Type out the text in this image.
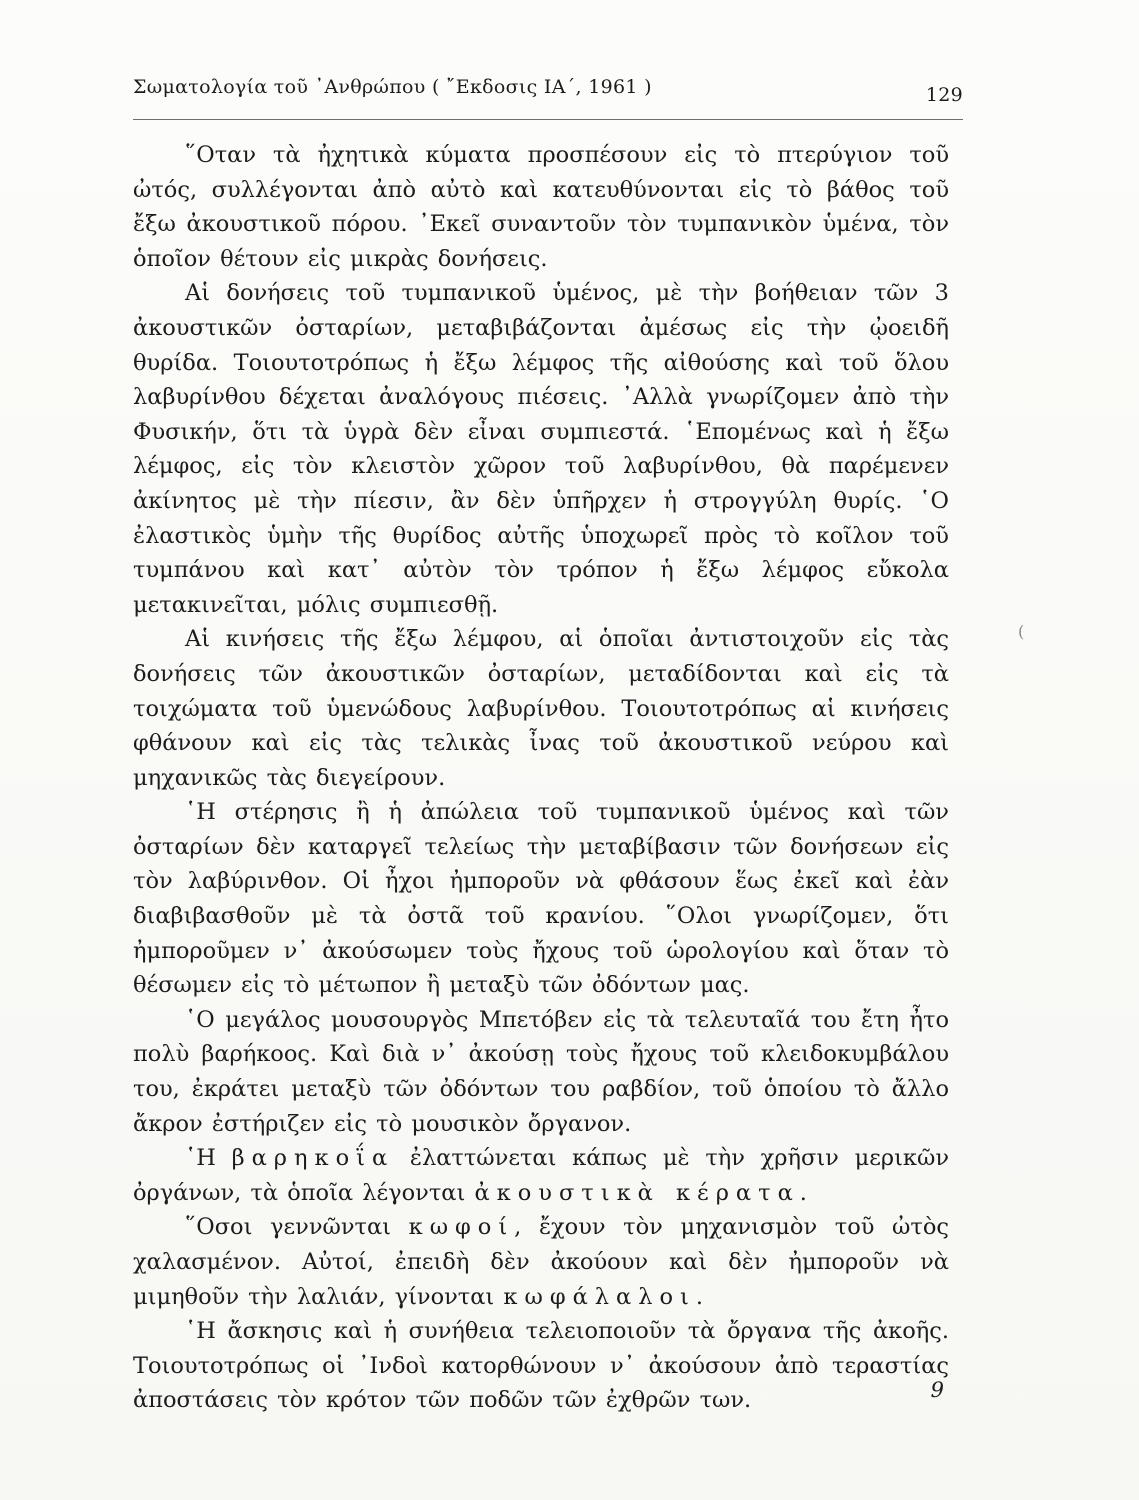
Σωματολογία τοῦ ᾿Ανθρώπου ( ῎Εκδοσις ΙΑ΄, 1961 )	129

῞Οταν τὰ ἠχητικὰ κύματα προσπέσουν εἰς τὸ πτερύγιον τοῦ ὠτός, συλλέγονται ἀπὸ αὐτὸ καὶ κατευθύνονται εἰς τὸ βάθος τοῦ ἔξω ἀκουστικοῦ πόρου. ᾿Εκεῖ συναντοῦν τὸν τυμπανικὸν ὑμένα, τὸν ὁποῖον θέτουν εἰς μικρὰς δονήσεις.

Αἱ δονήσεις τοῦ τυμπανικοῦ ὑμένος, μὲ τὴν βοήθειαν τῶν 3 ἀκουστικῶν ὀσταρίων, μεταβιβάζονται ἀμέσως εἰς τὴν ᾠοειδῆ θυρίδα. Τοιουτοτρόπως ἡ ἔξω λέμφος τῆς αἰθούσης καὶ τοῦ ὅλου λαβυρίνθου δέχεται ἀναλόγους πιέσεις. ᾿Αλλὰ γνωρίζομεν ἀπὸ τὴν Φυσικήν, ὅτι τὰ ὑγρὰ δὲν εἶναι συμπιεστά. ῾Επομένως καὶ ἡ ἔξω λέμφος, εἰς τὸν κλειστὸν χῶρον τοῦ λαβυρίνθου, θὰ παρέμενεν ἀκίνητος μὲ τὴν πίεσιν, ἂν δὲν ὑπῆρχεν ἡ στρογγύλη θυρίς. ῾Ο ἐλαστικὸς ὑμὴν τῆς θυρίδος αὐτῆς ὑποχωρεῖ πρὸς τὸ κοῖλον τοῦ τυμπάνου καὶ κατ᾿ αὐτὸν τὸν τρόπον ἡ ἔξω λέμφος εὔκολα μετακινεῖται, μόλις συμπιεσθῇ.

Αἱ κινήσεις τῆς ἔξω λέμφου, αἱ ὁποῖαι ἀντιστοιχοῦν εἰς τὰς δονήσεις τῶν ἀκουστικῶν ὀσταρίων, μεταδίδονται καὶ εἰς τὰ τοιχώματα τοῦ ὑμενώδους λαβυρίνθου. Τοιουτοτρόπως αἱ κινήσεις φθάνουν καὶ εἰς τὰς τελικὰς ἶνας τοῦ ἀκουστικοῦ νεύρου καὶ μηχανικῶς τὰς διεγείρουν.

῾Η στέρησις ἢ ἡ ἀπώλεια τοῦ τυμπανικοῦ ὑμένος καὶ τῶν ὀσταρίων δὲν καταργεῖ τελείως τὴν μεταβίβασιν τῶν δονήσεων εἰς τὸν λαβύρινθον. Οἱ ἦχοι ἠμποροῦν νὰ φθάσουν ἕως ἐκεῖ καὶ ἐὰν διαβιβασθοῦν μὲ τὰ ὀστᾶ τοῦ κρανίου. ῞Ολοι γνωρίζομεν, ὅτι ἠμποροῦμεν ν᾿ ἀκούσωμεν τοὺς ἤχους τοῦ ὡρολογίου καὶ ὅταν τὸ θέσωμεν εἰς τὸ μέτωπον ἢ μεταξὺ τῶν ὀδόντων μας.

῾Ο μεγάλος μουσουργὸς Μπετόβεν εἰς τὰ τελευταῖά του ἔτη ἦτο πολὺ βαρήκοος. Καὶ διὰ ν᾿ ἀκούσῃ τοὺς ἤχους τοῦ κλειδοκυμβάλου του, ἐκράτει μεταξὺ τῶν ὀδόντων του ραβδίον, τοῦ ὁποίου τὸ ἄλλο ἄκρον ἐστήριζεν εἰς τὸ μουσικὸν ὄργανον.

῾Η βαρηκοΐα ἐλαττώνεται κάπως μὲ τὴν χρῆσιν μερικῶν ὀργάνων, τὰ ὁποῖα λέγονται ἀκουστικὰ κέρατα.

῞Οσοι γεννῶνται κωφοί, ἔχουν τὸν μηχανισμὸν τοῦ ὠτὸς χαλασμένον. Αὐτοί, ἐπειδὴ δὲν ἀκούουν καὶ δὲν ἠμποροῦν νὰ μιμηθοῦν τὴν λαλιάν, γίνονται κωφάλαλοι.

῾Η ἄσκησις καὶ ἡ συνήθεια τελειοποιοῦν τὰ ὄργανα τῆς ἀκοῆς. Τοιουτοτρόπως οἱ ᾿Ινδοὶ κατορθώνουν ν᾿ ἀκούσουν ἀπὸ τεραστίας ἀποστάσεις τὸν κρότον τῶν ποδῶν τῶν ἐχθρῶν των.

(
9
